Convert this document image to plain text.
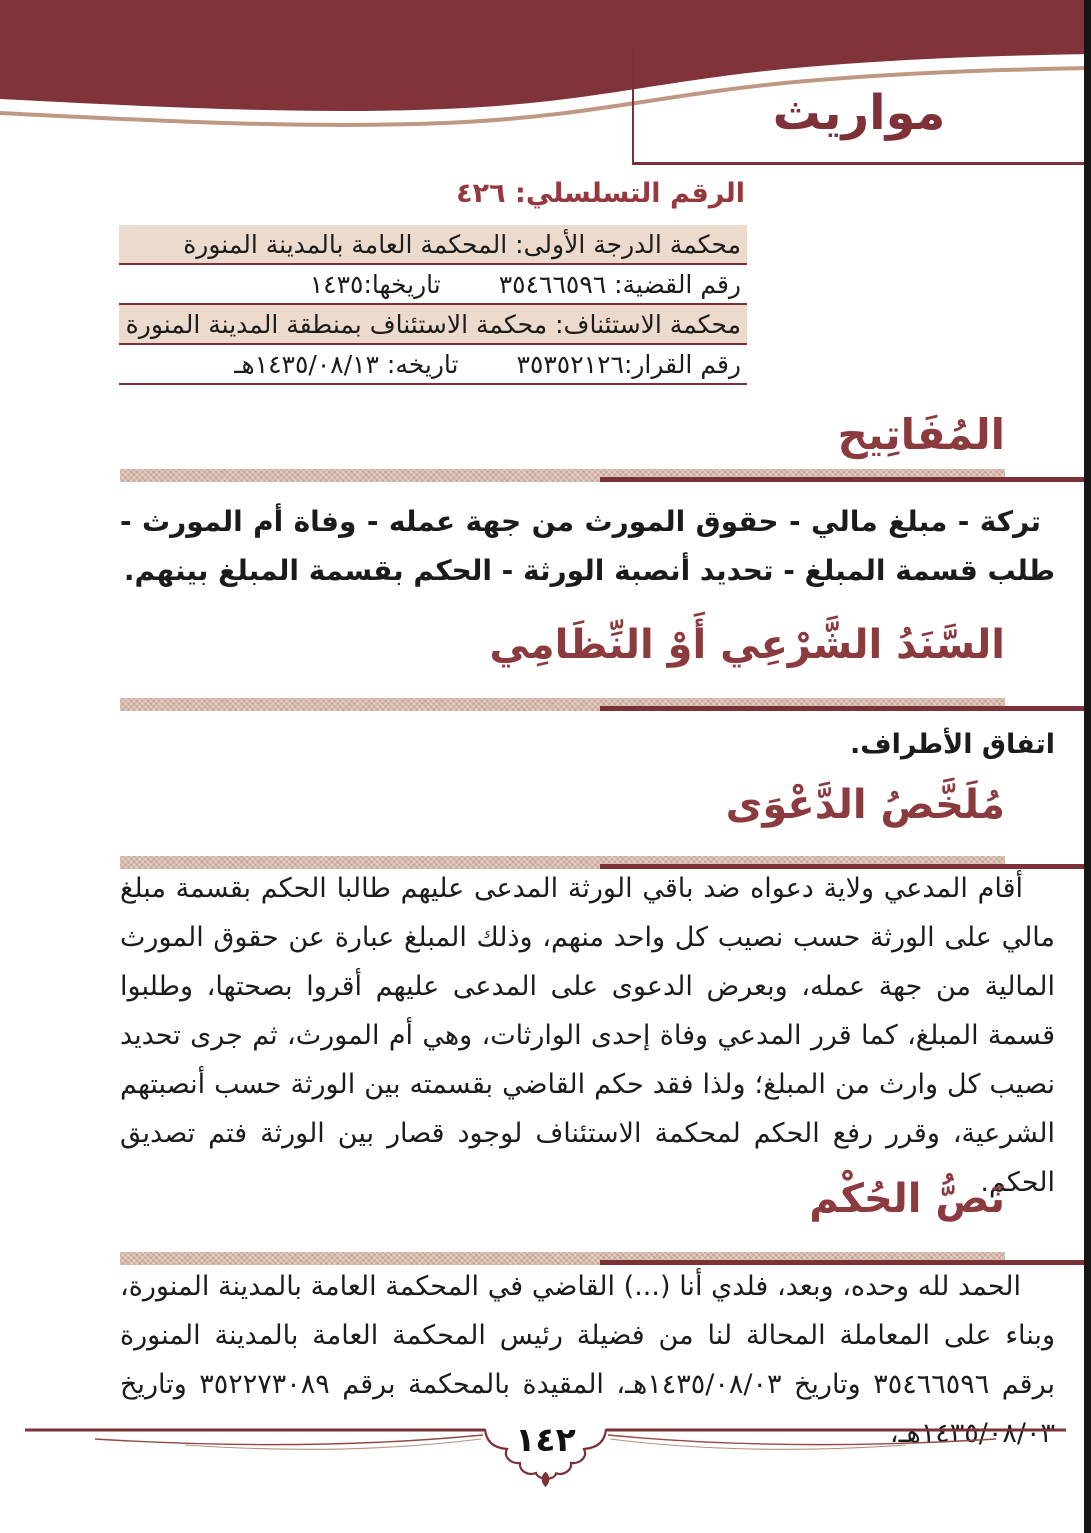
مواريث
الرقم التسلسلي: ٤٢٦
محكمة الدرجة الأولى: المحكمة العامة بالمدينة المنورة
رقم القضية: ٣٥٤٦٦٥٩٦
تاريخها:١٤٣٥
محكمة الاستئناف: محكمة الاستئناف بمنطقة المدينة المنورة
رقم القرار:٣٥٣٥٢١٢٦
تاريخه: ١٤٣٥/٠٨/١٣هـ
المُفَاتِيح
تركة - مبلغ مالي - حقوق المورث من جهة عمله - وفاة أم المورث - طلب قسمة المبلغ - تحديد أنصبة الورثة - الحكم بقسمة المبلغ بينهم.
السَّنَدُ الشَّرْعِي أَوْ النِّظَامِي
اتفاق الأطراف.
مُلَخَّصُ الدَّعْوَى
أقام المدعي ولاية دعواه ضد باقي الورثة المدعى عليهم طالبا الحكم بقسمة مبلغ مالي على الورثة حسب نصيب كل واحد منهم، وذلك المبلغ عبارة عن حقوق المورث المالية من جهة عمله، وبعرض الدعوى على المدعى عليهم أقروا بصحتها، وطلبوا قسمة المبلغ، كما قرر المدعي وفاة إحدى الوارثات، وهي أم المورث، ثم جرى تحديد نصيب كل وارث من المبلغ؛ ولذا فقد حكم القاضي بقسمته بين الورثة حسب أنصبتهم الشرعية، وقرر رفع الحكم لمحكمة الاستئناف لوجود قصار بين الورثة فتم تصديق الحكم.
نَصُّ الحُكْم
الحمد لله وحده، وبعد، فلدي أنا (...) القاضي في المحكمة العامة بالمدينة المنورة، وبناء على المعاملة المحالة لنا من فضيلة رئيس المحكمة العامة بالمدينة المنورة برقم ٣٥٤٦٦٥٩٦ وتاريخ ١٤٣٥/٠٨/٠٣هـ، المقيدة بالمحكمة برقم ٣٥٢٢٧٣٠٨٩ وتاريخ ١٤٣٥/٠٨/٠٣هـ،
١٤٢
